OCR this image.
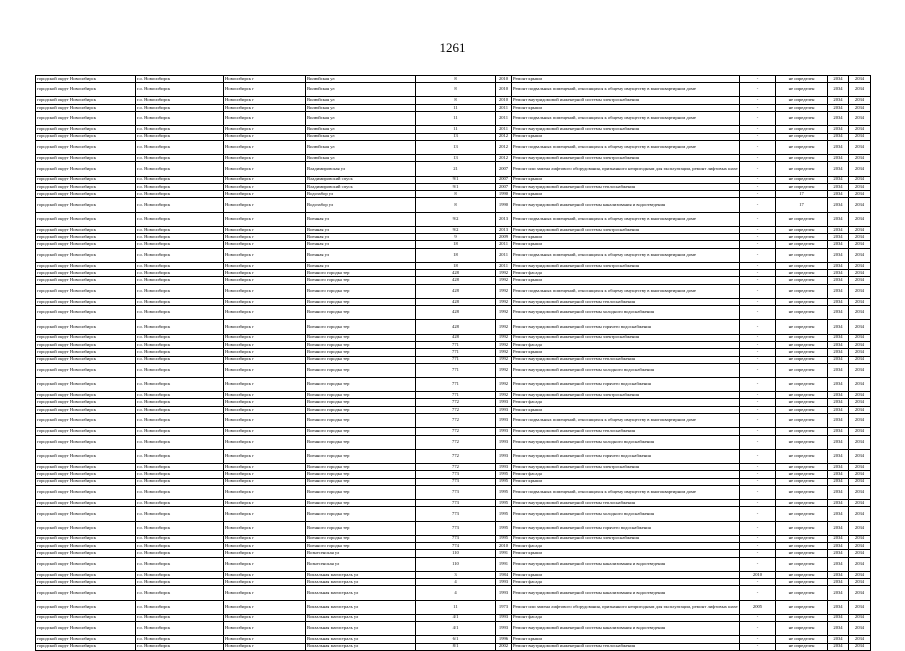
1261
городской округ Новосибирск	г.о. Новосибирск	Новосибирск г	Вилюйская ул	8	2010	Ремонт крыши	-	не определен	2034	2034
городской округ Новосибирск	г.о. Новосибирск	Новосибирск г	Вилюйская ул	8	2010	Ремонт подвальных помещений, относящихся к общему имуществу в многоквартирном доме	-	не определен	2034	2034
городской округ Новосибирск	г.о. Новосибирск	Новосибирск г	Вилюйская ул	8	2010	Ремонт внутридомовой инженерной системы электроснабжения	-	не определен	2034	2034
городской округ Новосибирск	г.о. Новосибирск	Новосибирск г	Вилюйская ул	11	2011	Ремонт крыши	-	не определен	2034	2034
городской округ Новосибирск	г.о. Новосибирск	Новосибирск г	Вилюйская ул	11	2011	Ремонт подвальных помещений, относящихся к общему имуществу в многоквартирном доме	-	не определен	2034	2034
городской округ Новосибирск	г.о. Новосибирск	Новосибирск г	Вилюйская ул	11	2011	Ремонт внутридомовой инженерной системы электроснабжения	-	не определен	2034	2034
городской округ Новосибирск	г.о. Новосибирск	Новосибирск г	Вилюйская ул	13	2012	Ремонт крыши	-	не определен	2034	2034
городской округ Новосибирск	г.о. Новосибирск	Новосибирск г	Вилюйская ул	13	2012	Ремонт подвальных помещений, относящихся к общему имуществу в многоквартирном доме	-	не определен	2034	2034
городской округ Новосибирск	г.о. Новосибирск	Новосибирск г	Вилюйская ул	13	2012	Ремонт внутридомовой инженерной системы электроснабжения	-	не определен	2034	2034
городской округ Новосибирск	г.о. Новосибирск	Новосибирск г	Владимировская ул	21	2007	Ремонт или замена лифтового оборудования, признанного непригодным для эксплуатации, ремонт лифтовых шахт	-	не определен	2034	2034
городской округ Новосибирск	г.о. Новосибирск	Новосибирск г	Владимировский спуск	9/1	2007	Ремонт крыши	-	не определен	2034	2034
городской округ Новосибирск	г.о. Новосибирск	Новосибирск г	Владимировский спуск	9/1	2007	Ремонт внутридомовой инженерной системы теплоснабжения	-	не определен	2034	2034
городской округ Новосибирск	г.о. Новосибирск	Новосибирск г	Водозабор ул	8	1990	Ремонт крыши	-	17	2034	2034
городской округ Новосибирск	г.о. Новосибирск	Новосибирск г	Водозабор ул	8	1990	Ремонт внутридомовой инженерной системы канализования и водоотведения	-	17	2034	2034
городской округ Новосибирск	г.о. Новосибирск	Новосибирск г	Военная ул	9/2	2013	Ремонт подвальных помещений, относящихся к общему имуществу в многоквартирном доме	-	не определен	2034	2034
городской округ Новосибирск	г.о. Новосибирск	Новосибирск г	Военная ул	9/2	2013	Ремонт внутридомовой инженерной системы электроснабжения	-	не определен	2034	2034
городской округ Новосибирск	г.о. Новосибирск	Новосибирск г	Военная ул	9	2009	Ремонт крыши	-	не определен	2034	2034
городской округ Новосибирск	г.о. Новосибирск	Новосибирск г	Военная ул	18	2011	Ремонт крыши	-	не определен	2034	2034
городской округ Новосибирск	г.о. Новосибирск	Новосибирск г	Военная ул	18	2011	Ремонт подвальных помещений, относящихся к общему имуществу в многоквартирном доме	-	не определен	2034	2034
городской округ Новосибирск	г.о. Новосибирск	Новосибирск г	Военная ул	18	2011	Ремонт внутридомовой инженерной системы электроснабжения	-	не определен	2034	2034
городской округ Новосибирск	г.о. Новосибирск	Новосибирск г	Военного городка тер	428	1992	Ремонт фасада	-	не определен	2034	2034
городской округ Новосибирск	г.о. Новосибирск	Новосибирск г	Военного городка тер	428	1992	Ремонт крыши	-	не определен	2034	2034
городской округ Новосибирск	г.о. Новосибирск	Новосибирск г	Военного городка тер	428	1992	Ремонт подвальных помещений, относящихся к общему имуществу в многоквартирном доме	-	не определен	2034	2034
городской округ Новосибирск	г.о. Новосибирск	Новосибирск г	Военного городка тер	428	1992	Ремонт внутридомовой инженерной системы теплоснабжения	-	не определен	2034	2034
городской округ Новосибирск	г.о. Новосибирск	Новосибирск г	Военного городка тер	428	1992	Ремонт внутридомовой инженерной системы холодного водоснабжения	-	не определен	2034	2034
городской округ Новосибирск	г.о. Новосибирск	Новосибирск г	Военного городка тер	428	1992	Ремонт внутридомовой инженерной системы горячего водоснабжения	-	не определен	2034	2034
городской округ Новосибирск	г.о. Новосибирск	Новосибирск г	Военного городка тер	428	1992	Ремонт внутридомовой инженерной системы электроснабжения	-	не определен	2034	2034
городской округ Новосибирск	г.о. Новосибирск	Новосибирск г	Военного городка тер	771	1992	Ремонт фасада	-	не определен	2034	2034
городской округ Новосибирск	г.о. Новосибирск	Новосибирск г	Военного городка тер	771	1992	Ремонт крыши	-	не определен	2034	2034
городской округ Новосибирск	г.о. Новосибирск	Новосибирск г	Военного городка тер	771	1992	Ремонт внутридомовой инженерной системы теплоснабжения	-	не определен	2034	2034
городской округ Новосибирск	г.о. Новосибирск	Новосибирск г	Военного городка тер	771	1992	Ремонт внутридомовой инженерной системы холодного водоснабжения	-	не определен	2034	2034
городской округ Новосибирск	г.о. Новосибирск	Новосибирск г	Военного городка тер	771	1992	Ремонт внутридомовой инженерной системы горячего водоснабжения	-	не определен	2034	2034
городской округ Новосибирск	г.о. Новосибирск	Новосибирск г	Военного городка тер	771	1992	Ремонт внутридомовой инженерной системы электроснабжения	-	не определен	2034	2034
городской округ Новосибирск	г.о. Новосибирск	Новосибирск г	Военного городка тер	772	1993	Ремонт фасада	-	не определен	2034	2034
городской округ Новосибирск	г.о. Новосибирск	Новосибирск г	Военного городка тер	772	1993	Ремонт крыши	-	не определен	2034	2034
городской округ Новосибирск	г.о. Новосибирск	Новосибирск г	Военного городка тер	772	1993	Ремонт подвальных помещений, относящихся к общему имуществу в многоквартирном доме	-	не определен	2034	2034
городской округ Новосибирск	г.о. Новосибирск	Новосибирск г	Военного городка тер	772	1993	Ремонт внутридомовой инженерной системы теплоснабжения	-	не определен	2034	2034
городской округ Новосибирск	г.о. Новосибирск	Новосибирск г	Военного городка тер	772	1993	Ремонт внутридомовой инженерной системы холодного водоснабжения	-	не определен	2034	2034
городской округ Новосибирск	г.о. Новосибирск	Новосибирск г	Военного городка тер	772	1993	Ремонт внутридомовой инженерной системы горячего водоснабжения	-	не определен	2034	2034
городской округ Новосибирск	г.о. Новосибирск	Новосибирск г	Военного городка тер	772	1993	Ремонт внутридомовой инженерной системы электроснабжения	-	не определен	2034	2034
городской округ Новосибирск	г.о. Новосибирск	Новосибирск г	Военного городка тер	773	1995	Ремонт фасада	-	не определен	2034	2034
городской округ Новосибирск	г.о. Новосибирск	Новосибирск г	Военного городка тер	773	1995	Ремонт крыши	-	не определен	2034	2034
городской округ Новосибирск	г.о. Новосибирск	Новосибирск г	Военного городка тер	773	1995	Ремонт подвальных помещений, относящихся к общему имуществу в многоквартирном доме	-	не определен	2034	2034
городской округ Новосибирск	г.о. Новосибирск	Новосибирск г	Военного городка тер	773	1995	Ремонт внутридомовой инженерной системы теплоснабжения	-	не определен	2034	2034
городской округ Новосибирск	г.о. Новосибирск	Новосибирск г	Военного городка тер	773	1995	Ремонт внутридомовой инженерной системы холодного водоснабжения	-	не определен	2034	2034
городской округ Новосибирск	г.о. Новосибирск	Новосибирск г	Военного городка тер	773	1995	Ремонт внутридомовой инженерной системы горячего водоснабжения	-	не определен	2034	2034
городской округ Новосибирск	г.о. Новосибирск	Новосибирск г	Военного городка тер	773	1995	Ремонт внутридомовой инженерной системы электроснабжения	-	не определен	2034	2034
городской округ Новосибирск	г.о. Новосибирск	Новосибирск г	Военного городка тер	774	2010	Ремонт фасада	-	не определен	2034	2034
городской округ Новосибирск	г.о. Новосибирск	Новосибирск г	Вознесенская ул	110	1991	Ремонт крыши	-	не определен	2034	2034
городской округ Новосибирск	г.о. Новосибирск	Новосибирск г	Вознесенская ул	110	1991	Ремонт внутридомовой инженерной системы канализования и водоотведения	-	не определен	2034	2034
городской округ Новосибирск	г.о. Новосибирск	Новосибирск г	Вокзальная магистраль ул	3	1984	Ремонт крыши	2010	не определен	2034	2034
городской округ Новосибирск	г.о. Новосибирск	Новосибирск г	Вокзальная магистраль ул	4	1993	Ремонт фасада	-	не определен	2034	2034
городской округ Новосибирск	г.о. Новосибирск	Новосибирск г	Вокзальная магистраль ул	4	1993	Ремонт внутридомовой инженерной системы канализования и водоотведения	-	не определен	2034	2034
городской округ Новосибирск	г.о. Новосибирск	Новосибирск г	Вокзальная магистраль ул	11	1973	Ремонт или замена лифтового оборудования, признанного непригодным для эксплуатации, ремонт лифтовых шахт	2005	не определен	2034	2034
городской округ Новосибирск	г.о. Новосибирск	Новосибирск г	Вокзальная магистраль ул	4/1	1993	Ремонт фасада	-	не определен	2034	2034
городской округ Новосибирск	г.о. Новосибирск	Новосибирск г	Вокзальная магистраль ул	4/1	1993	Ремонт внутридомовой инженерной системы канализования и водоотведения	-	не определен	2034	2034
городской округ Новосибирск	г.о. Новосибирск	Новосибирск г	Вокзальная магистраль ул	6/1	1996	Ремонт крыши	-	не определен	2034	2034
городской округ Новосибирск	г.о. Новосибирск	Новосибирск г	Вокзальная магистраль ул	8/1	2002	Ремонт внутридомовой инженерной системы теплоснабжения	-	не определен	2034	2034
